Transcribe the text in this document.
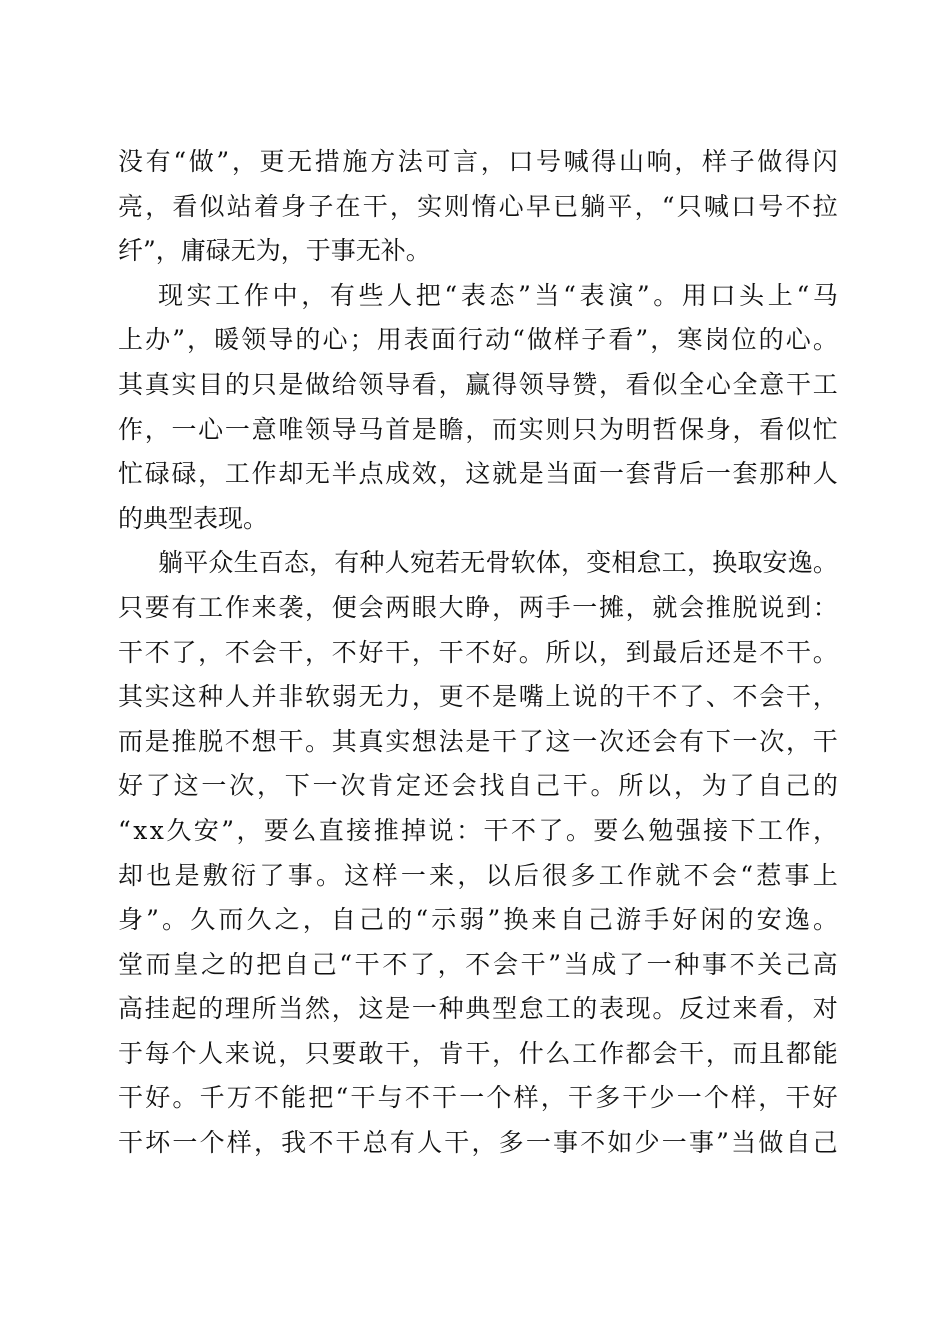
没 有 “ 做 ” ， 更 无 措 施 方 法 可 言 ， 口 号 喊 得 山 响 ， 样 子 做 得 闪
亮 ， 看 似 站 着 身 子 在 干 ， 实 则 惰 心 早 已 躺 平 ， “ 只 喊 口 号 不 拉
纤”，庸碌无为，于事无补。
现 实 工 作 中 ， 有 些 人 把 “ 表 态 ” 当 “ 表 演 ” 。 用 口 头 上 “ 马
上 办 ” ， 暖 领 导 的 心 ； 用 表 面 行 动 “ 做 样 子 看 ” ， 寒 岗 位 的 心 。
其 真 实 目 的 只 是 做 给 领 导 看 ， 赢 得 领 导 赞 ， 看 似 全 心 全 意 干 工
作 ， 一 心 一 意 唯 领 导 马 首 是 瞻 ， 而 实 则 只 为 明 哲 保 身 ， 看 似 忙
忙 碌 碌 ， 工 作 却 无 半 点 成 效 ， 这 就 是 当 面 一 套 背 后 一 套 那 种 人
的典型表现。
躺 平 众 生 百 态 ， 有 种 人 宛 若 无 骨 软 体 ， 变 相 怠 工 ， 换 取 安 逸 。
只 要 有 工 作 来 袭 ， 便 会 两 眼 大 睁 ， 两 手 一 摊 ， 就 会 推 脱 说 到 ：
干 不 了 ， 不 会 干 ， 不 好 干 ， 干 不 好 。 所 以 ， 到 最 后 还 是 不 干 。
其 实 这 种 人 并 非 软 弱 无 力 ， 更 不 是 嘴 上 说 的 干 不 了 、 不 会 干 ，
而 是 推 脱 不 想 干 。 其 真 实 想 法 是 干 了 这 一 次 还 会 有 下 一 次 ， 干
好 了 这 一 次 ， 下 一 次 肯 定 还 会 找 自 己 干 。 所 以 ， 为 了 自 己 的
“ x x 久 安 ” ， 要 么 直 接 推 掉 说 ： 干 不 了 。 要 么 勉 强 接 下 工 作 ，
却 也 是 敷 衍 了 事 。 这 样 一 来 ， 以 后 很 多 工 作 就 不 会 “ 惹 事 上
身 ” 。 久 而 久 之 ， 自 己 的 “ 示 弱 ” 换 来 自 己 游 手 好 闲 的 安 逸 。
堂 而 皇 之 的 把 自 己 “ 干 不 了 ， 不 会 干 ” 当 成 了 一 种 事 不 关 己 高
高 挂 起 的 理 所 当 然 ， 这 是 一 种 典 型 怠 工 的 表 现 。 反 过 来 看 ， 对
于 每 个 人 来 说 ， 只 要 敢 干 ， 肯 干 ， 什 么 工 作 都 会 干 ， 而 且 都 能
干 好 。 千 万 不 能 把 “ 干 与 不 干 一 个 样 ， 干 多 干 少 一 个 样 ， 干 好
干 坏 一 个 样 ， 我 不 干 总 有 人 干 ， 多 一 事 不 如 少 一 事 ” 当 做 自 己
